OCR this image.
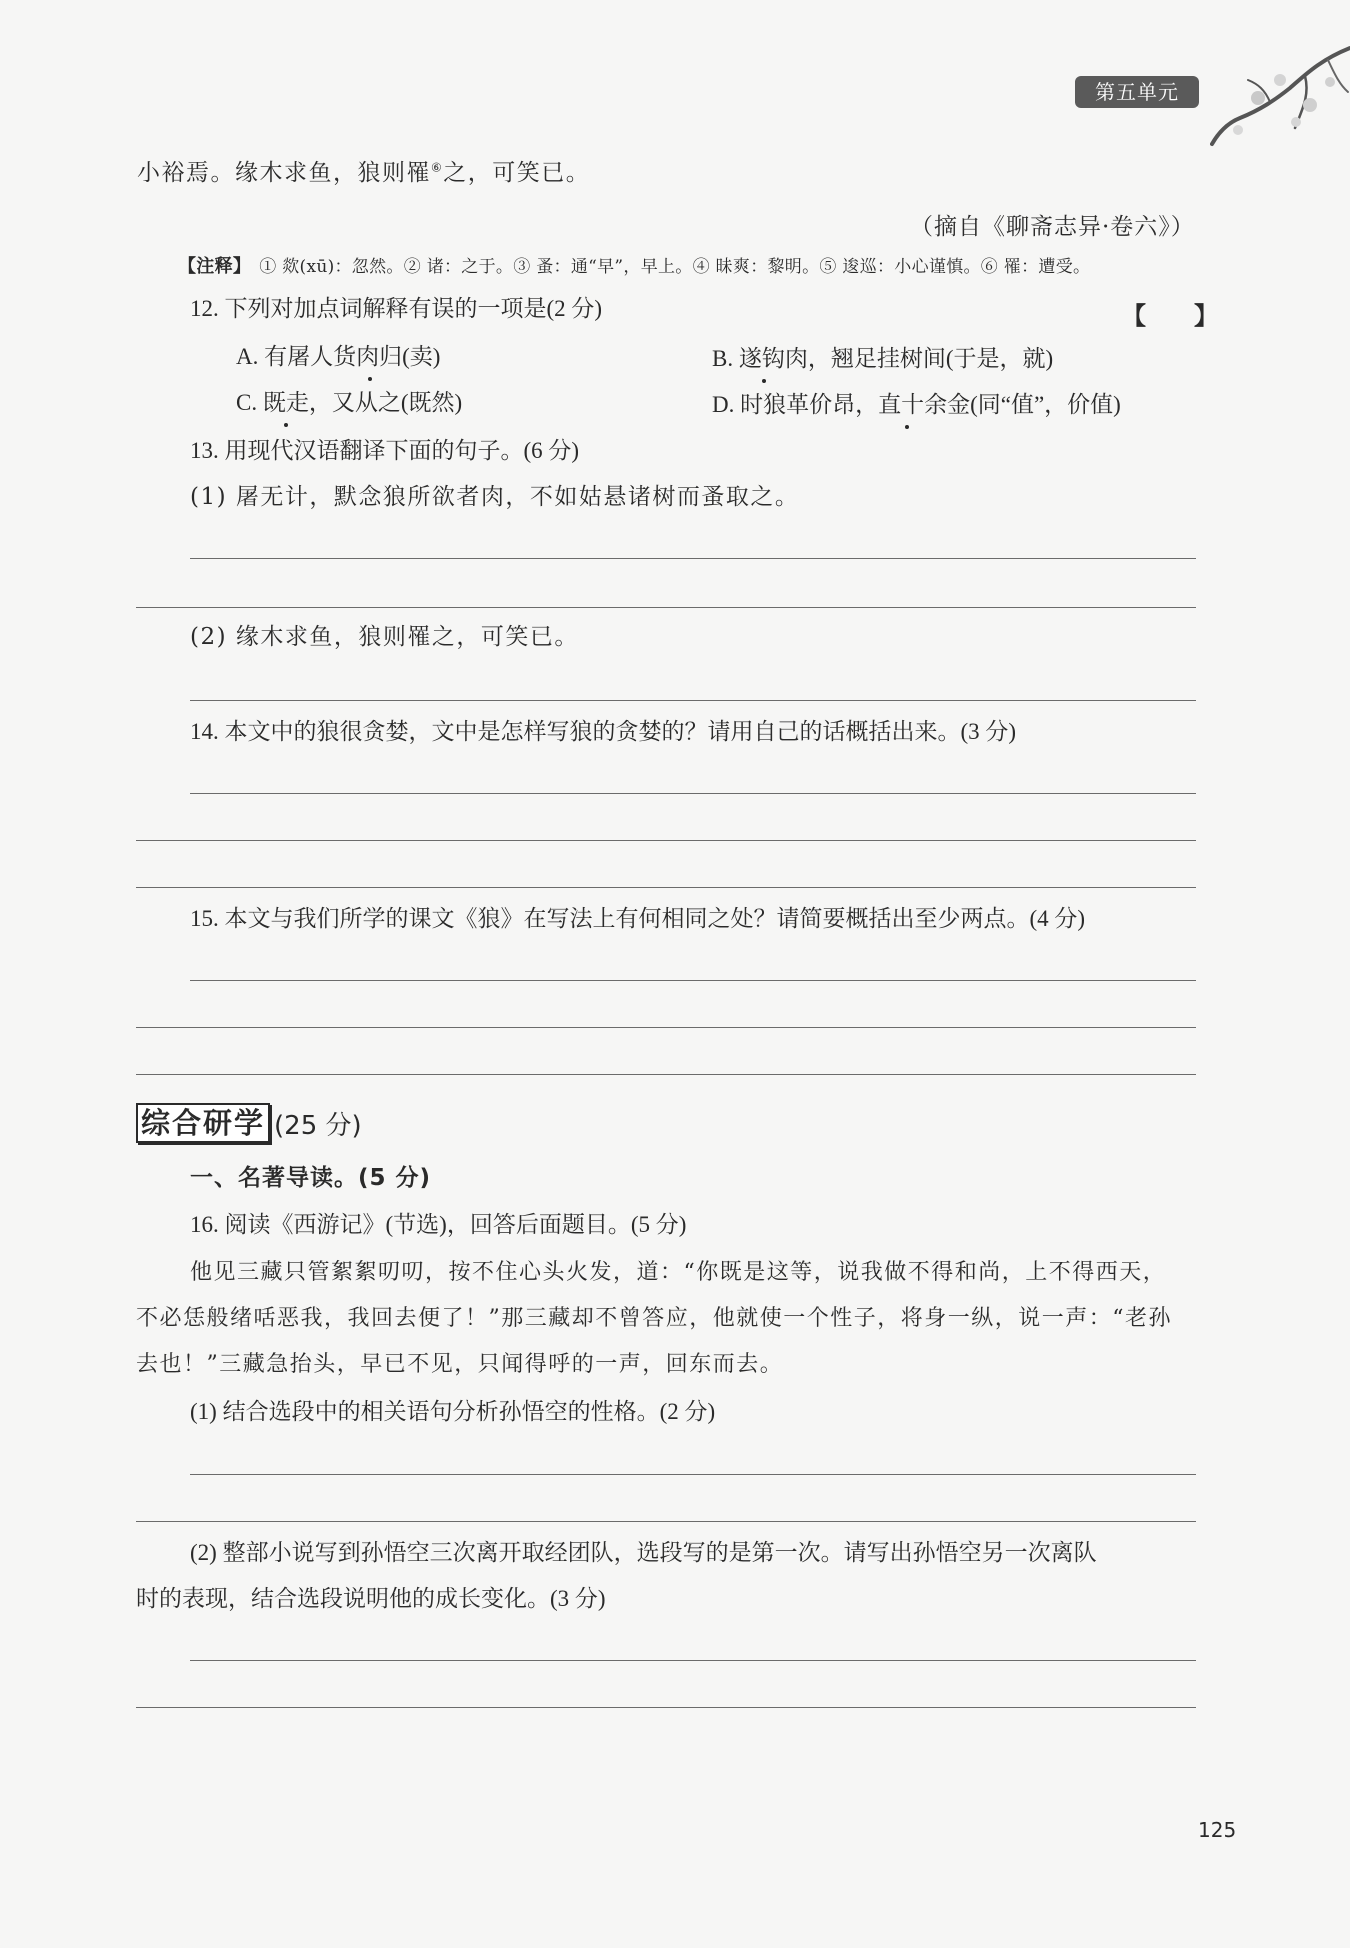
第五单元
小裕焉。缘木求鱼，狼则罹⑥之，可笑已。
（摘自《聊斋志异·卷六》）
【注释】 ① 欻(xū)：忽然。② 诸：之于。③ 蚤：通“早”，早上。④ 昧爽：黎明。⑤ 逡巡：小心谨慎。⑥ 罹：遭受。
12. 下列对加点词解释有误的一项是(2 分)	【　　】
A. 有屠人货肉归(卖)	B. 遂钩肉，翘足挂树间(于是，就)
C. 既走，又从之(既然)	D. 时狼革价昂，直十余金(同“值”，价值)
13. 用现代汉语翻译下面的句子。(6 分)
(1) 屠无计，默念狼所欲者肉，不如姑悬诸树而蚤取之。
(2) 缘木求鱼，狼则罹之，可笑已。
14. 本文中的狼很贪婪，文中是怎样写狼的贪婪的？请用自己的话概括出来。(3 分)
15. 本文与我们所学的课文《狼》在写法上有何相同之处？请简要概括出至少两点。(4 分)
综合研学 (25 分)
一、名著导读。(5 分)
16. 阅读《西游记》(节选)，回答后面题目。(5 分)
他见三藏只管絮絮叨叨，按不住心头火发，道：“你既是这等，说我做不得和尚，上不得西天，
不必恁般绪咶恶我，我回去便了！”那三藏却不曾答应，他就使一个性子，将身一纵，说一声：“老孙
去也！”三藏急抬头，早已不见，只闻得呼的一声，回东而去。
(1) 结合选段中的相关语句分析孙悟空的性格。(2 分)
(2) 整部小说写到孙悟空三次离开取经团队，选段写的是第一次。请写出孙悟空另一次离队
时的表现，结合选段说明他的成长变化。(3 分)
125
